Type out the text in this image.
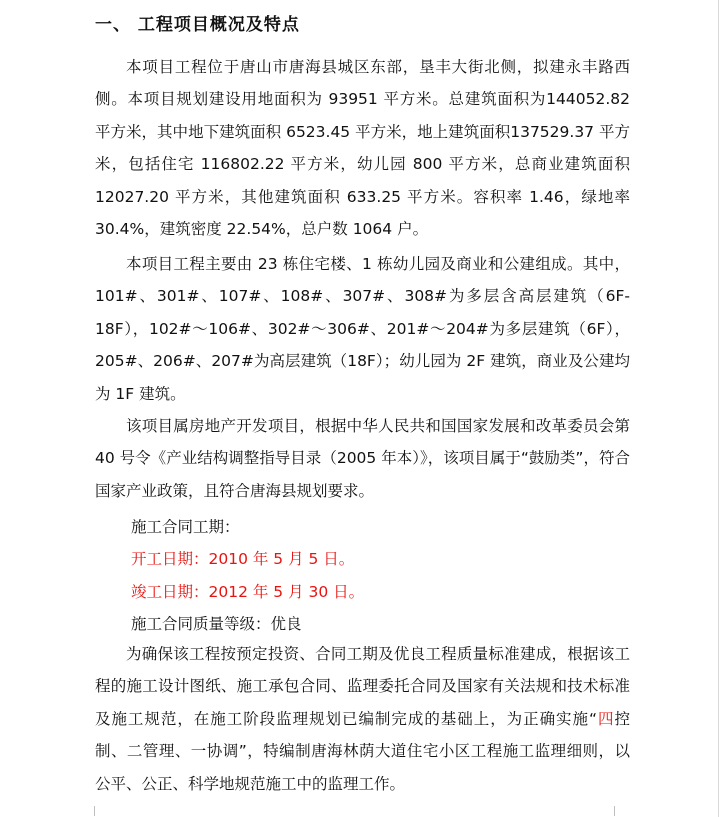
一、 工程项目概况及特点

本项目工程位于唐山市唐海县城区东部，垦丰大街北侧，拟建永丰路西侧。本项目规划建设用地面积为 93951 平方米。总建筑面积为144052.82 平方米，其中地下建筑面积 6523.45 平方米，地上建筑面积137529.37 平方米，包括住宅 116802.22 平方米，幼儿园 800 平方米，总商业建筑面积 12027.20 平方米，其他建筑面积 633.25 平方米。容积率 1.46，绿地率 30.4%，建筑密度 22.54%，总户数 1064 户。

本项目工程主要由 23 栋住宅楼、1 栋幼儿园及商业和公建组成。其中，101#、301#、107#、108#、307#、308#为多层含高层建筑（6F-18F），102#～106#、302#～306#、201#～204#为多层建筑（6F），205#、206#、207#为高层建筑（18F）；幼儿园为 2F 建筑，商业及公建均为 1F 建筑。

该项目属房地产开发项目，根据中华人民共和国国家发展和改革委员会第 40 号令《产业结构调整指导目录（2005 年本）》，该项目属于“鼓励类”，符合国家产业政策，且符合唐海县规划要求。

施工合同工期：
开工日期：2010 年 5 月 5 日。
竣工日期：2012 年 5 月 30 日。
施工合同质量等级：优良

为确保该工程按预定投资、合同工期及优良工程质量标准建成，根据该工程的施工设计图纸、施工承包合同、监理委托合同及国家有关法规和技术标准及施工规范，在施工阶段监理规划已编制完成的基础上，为正确实施“四控制、二管理、一协调”，特编制唐海林荫大道住宅小区工程施工监理细则，以公平、公正、科学地规范施工中的监理工作。
